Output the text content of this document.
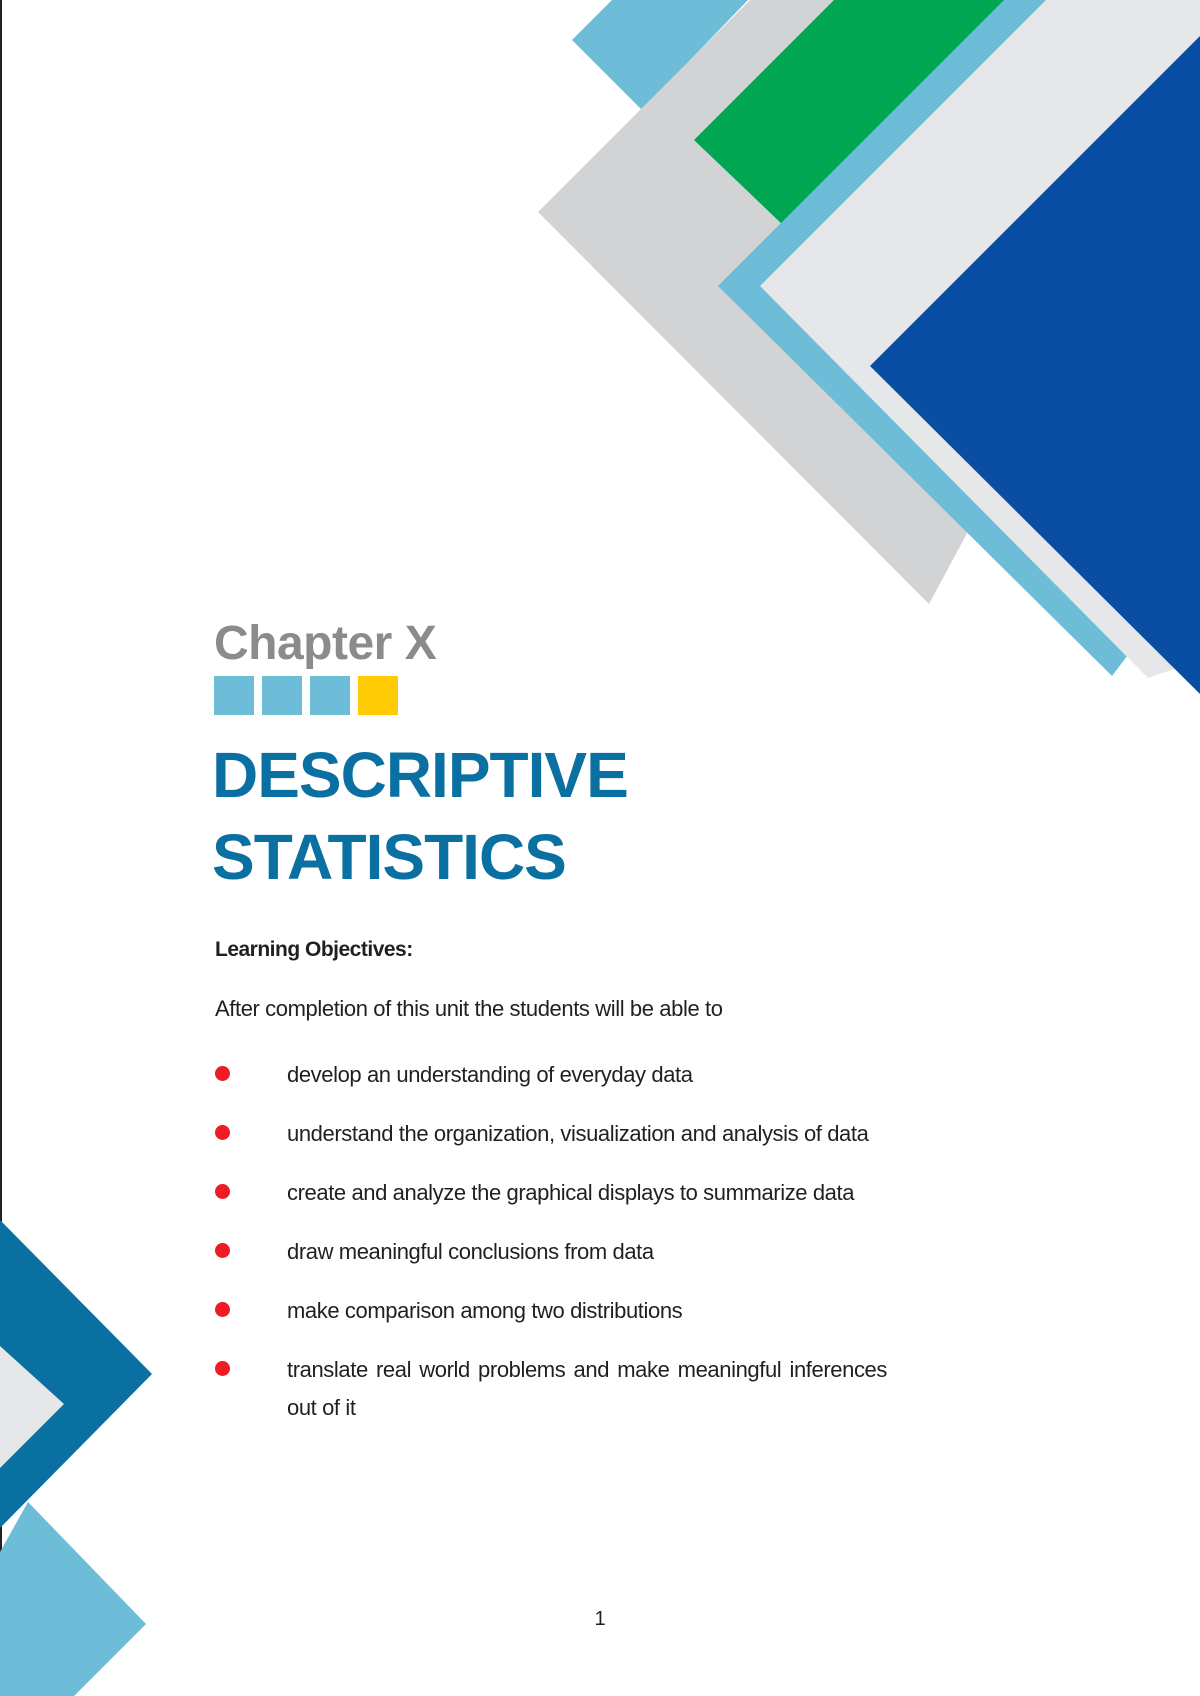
Chapter X
DESCRIPTIVE
STATISTICS
Learning Objectives:
After completion of this unit the students will be able to
develop an understanding of everyday data
understand the organization, visualization and analysis of data
create and analyze the graphical displays to summarize data
draw meaningful conclusions from data
make comparison among two distributions
translate real world problems and make meaningful inferences out of it
1
